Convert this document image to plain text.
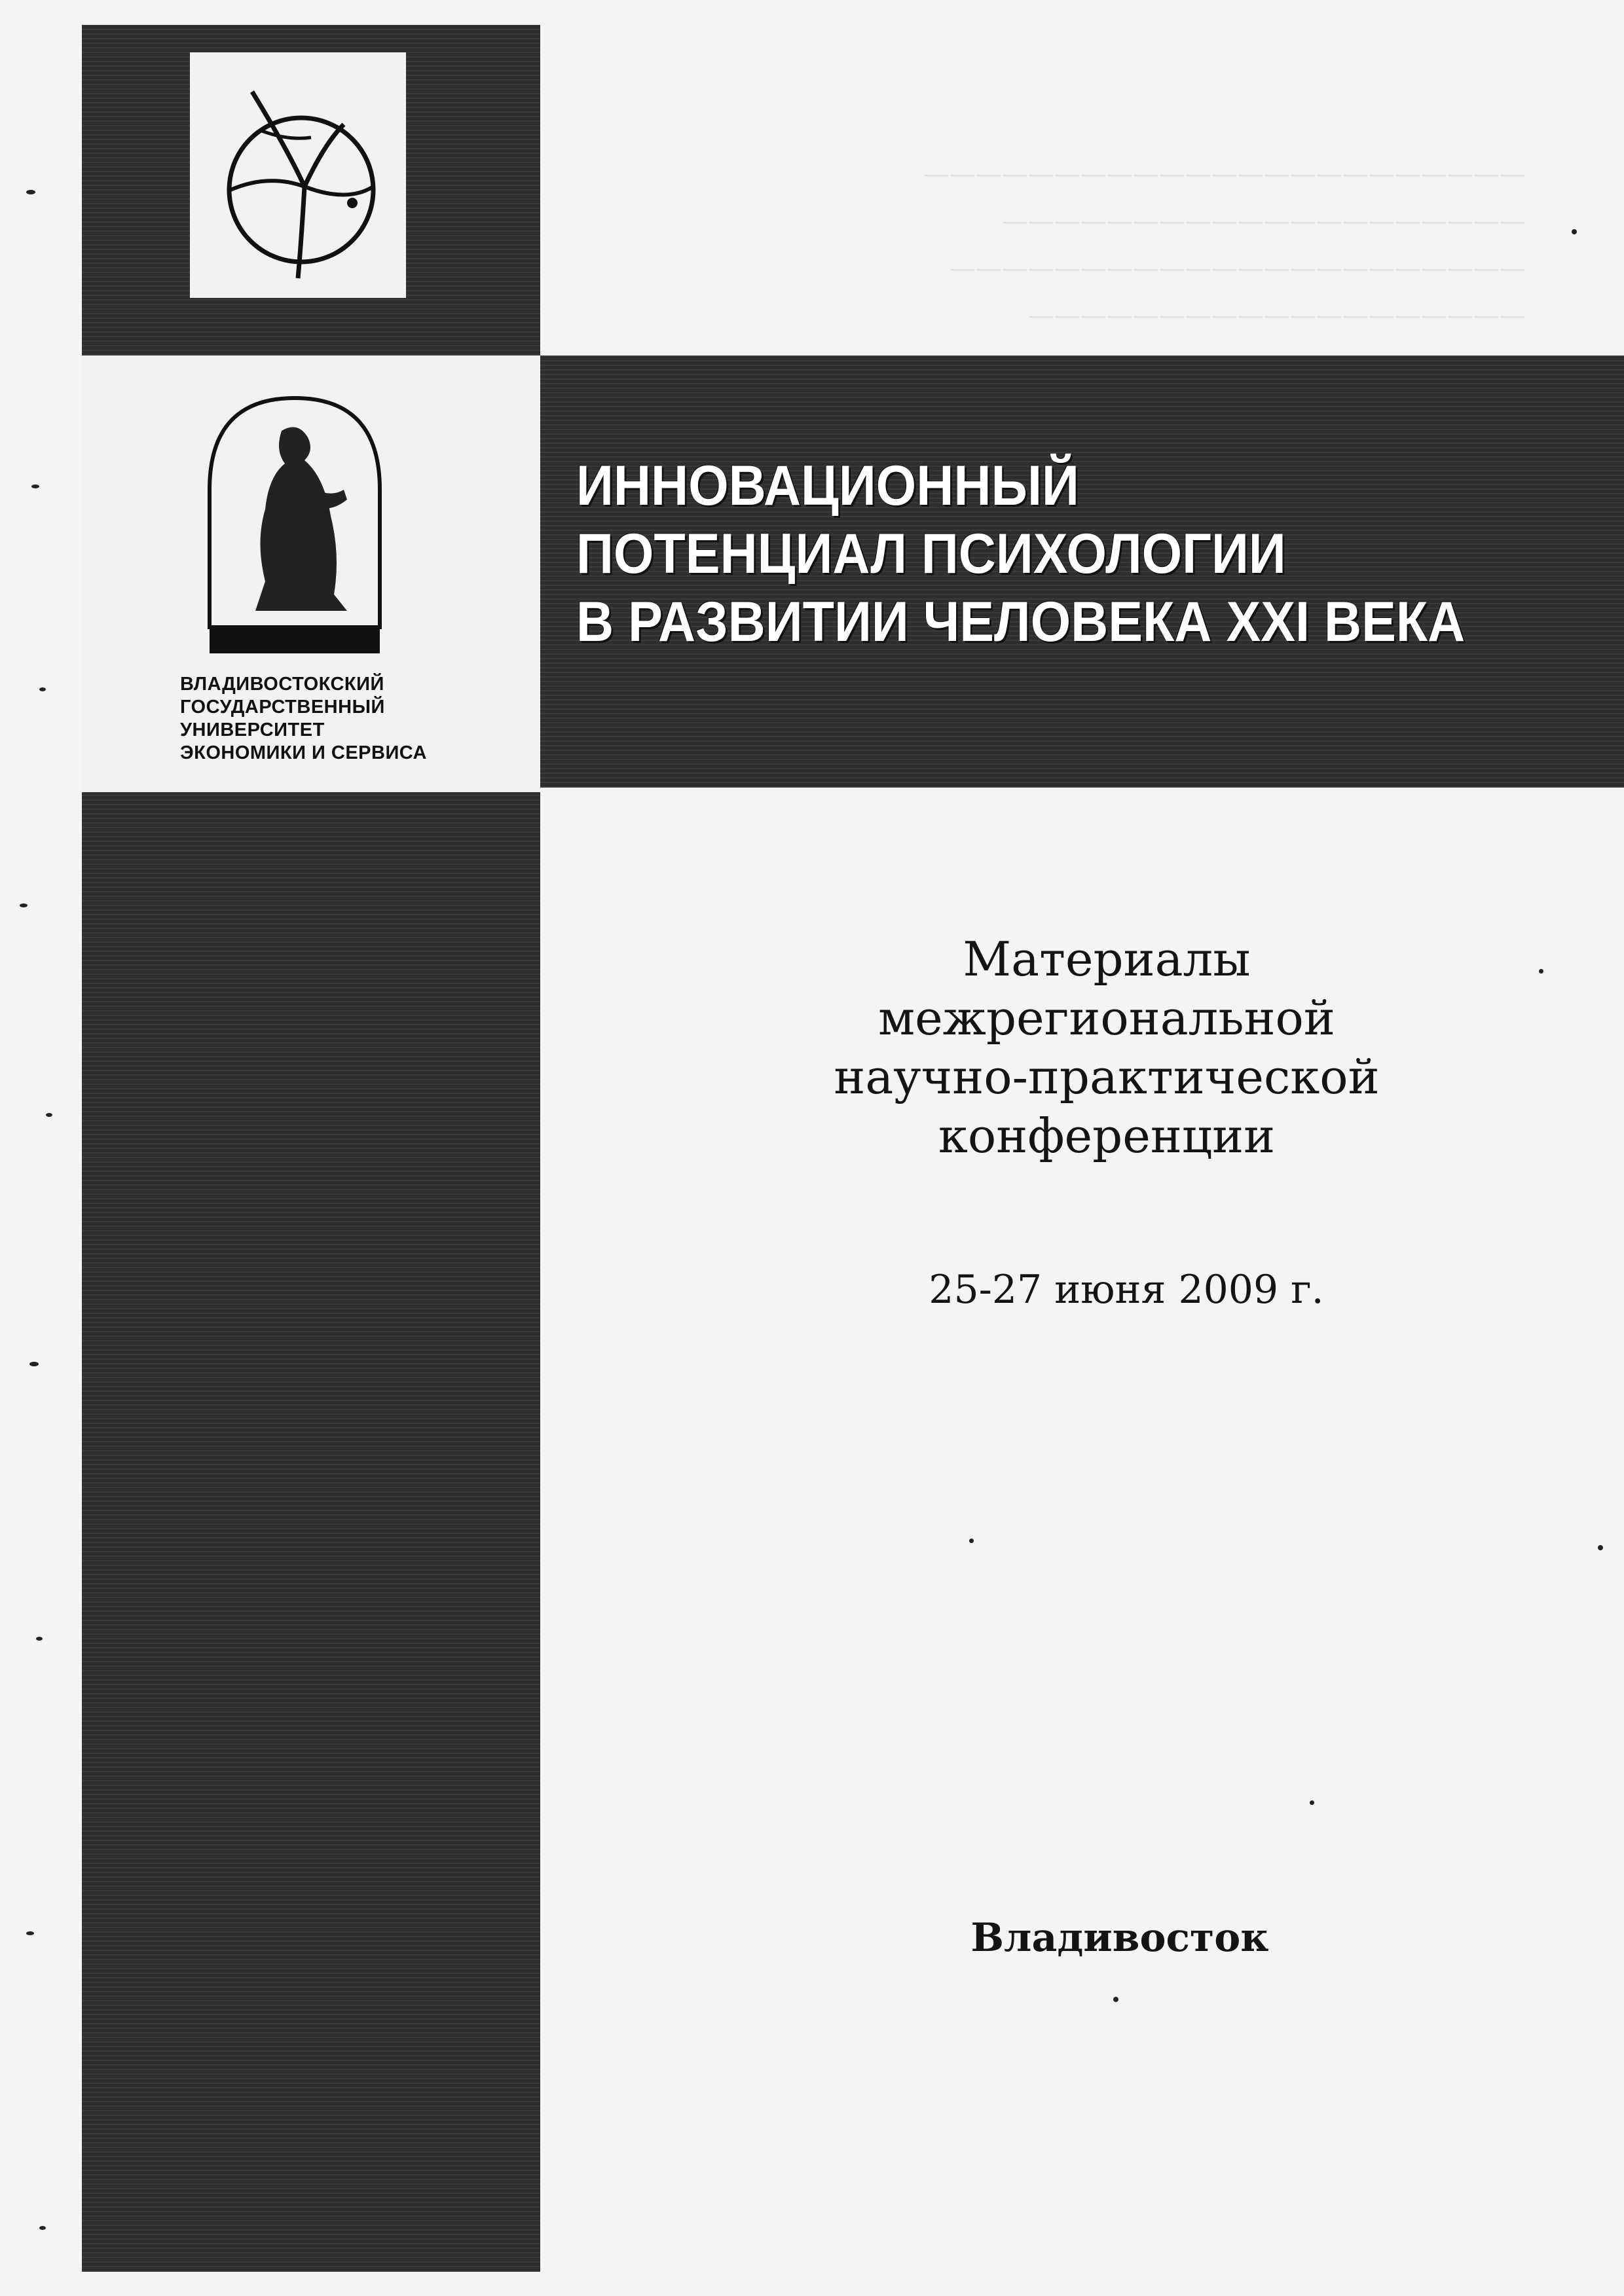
———————————————————————
————————————————————
——————————————————————
———————————————————
ВЛАДИВОСТОКСКИЙ
ГОСУДАРСТВЕННЫЙ
УНИВЕРСИТЕТ
ЭКОНОМИКИ И СЕРВИСА
ИННОВАЦИОННЫЙ
ПОТЕНЦИАЛ ПСИХОЛОГИИ
В РАЗВИТИИ ЧЕЛОВЕКА XXI ВЕКА
Материалы
межрегиональной
научно-практической
конференции
25-27 июня 2009 г.
Владивосток
